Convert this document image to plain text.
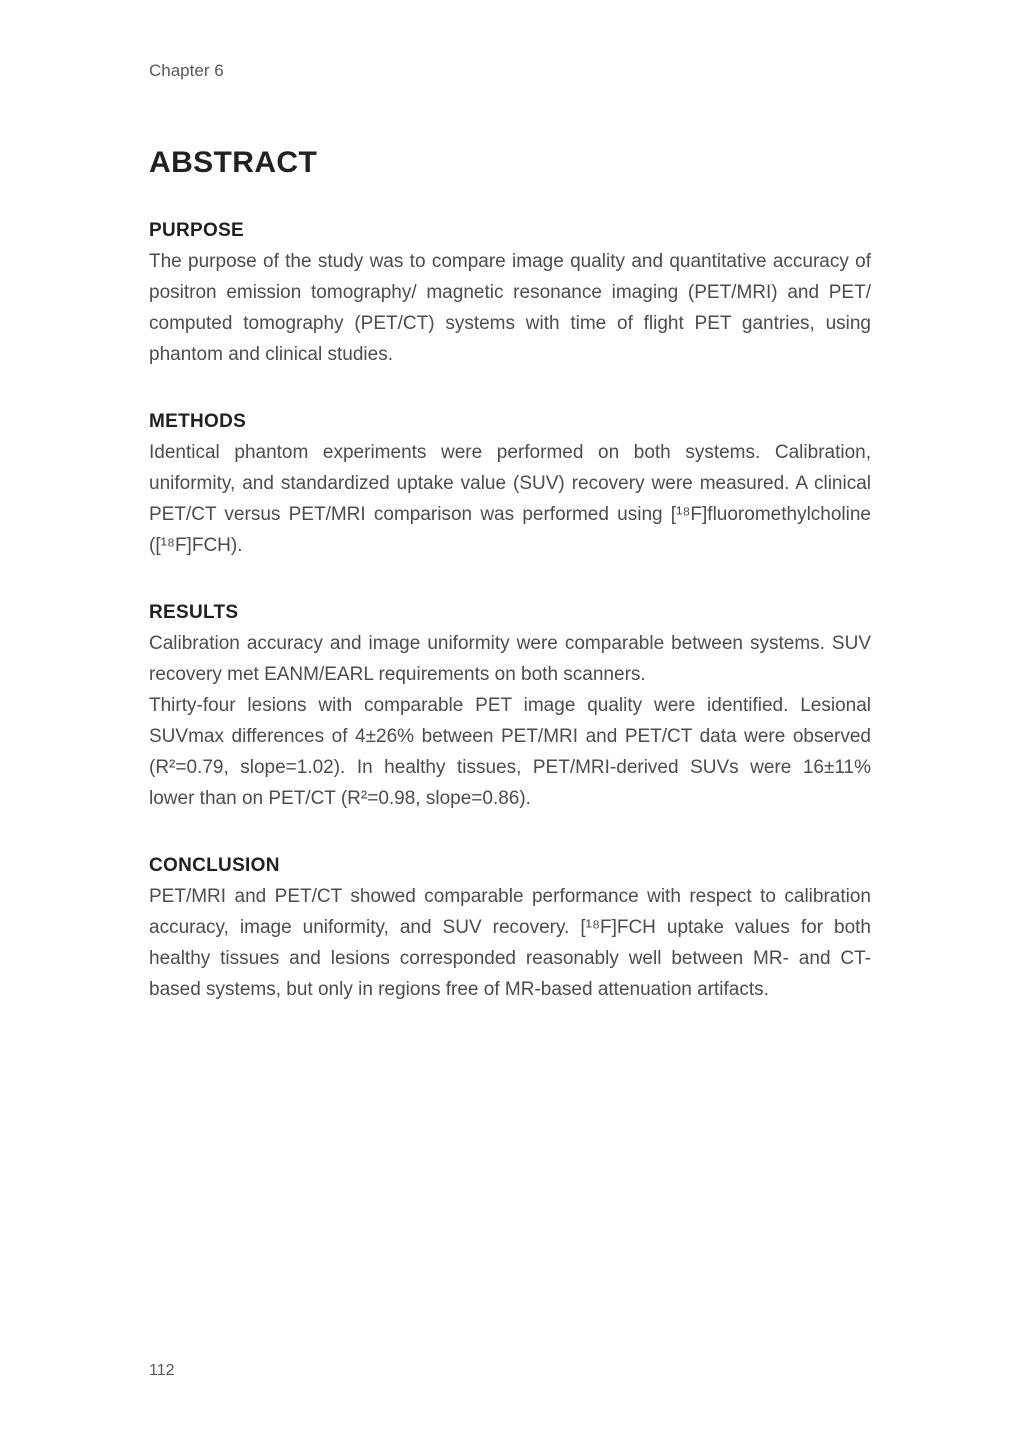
Chapter 6
ABSTRACT
PURPOSE

The purpose of the study was to compare image quality and quantitative accuracy of positron emission tomography/ magnetic resonance imaging (PET/MRI) and PET/ computed tomography (PET/CT) systems with time of flight PET gantries, using phantom and clinical studies.

METHODS

Identical phantom experiments were performed on both systems. Calibration, uniformity, and standardized uptake value (SUV) recovery were measured. A clinical PET/CT versus PET/MRI comparison was performed using [¹⁸F]fluoromethylcholine ([¹⁸F]FCH).

RESULTS

Calibration accuracy and image uniformity were comparable between systems. SUV recovery met EANM/EARL requirements on both scanners.

Thirty-four lesions with comparable PET image quality were identified. Lesional SUVmax differences of 4±26% between PET/MRI and PET/CT data were observed (R²=0.79, slope=1.02). In healthy tissues, PET/MRI-derived SUVs were 16±11% lower than on PET/CT (R²=0.98, slope=0.86).

CONCLUSION

PET/MRI and PET/CT showed comparable performance with respect to calibration accuracy, image uniformity, and SUV recovery. [¹⁸F]FCH uptake values for both healthy tissues and lesions corresponded reasonably well between MR- and CT-based systems, but only in regions free of MR-based attenuation artifacts.

112
